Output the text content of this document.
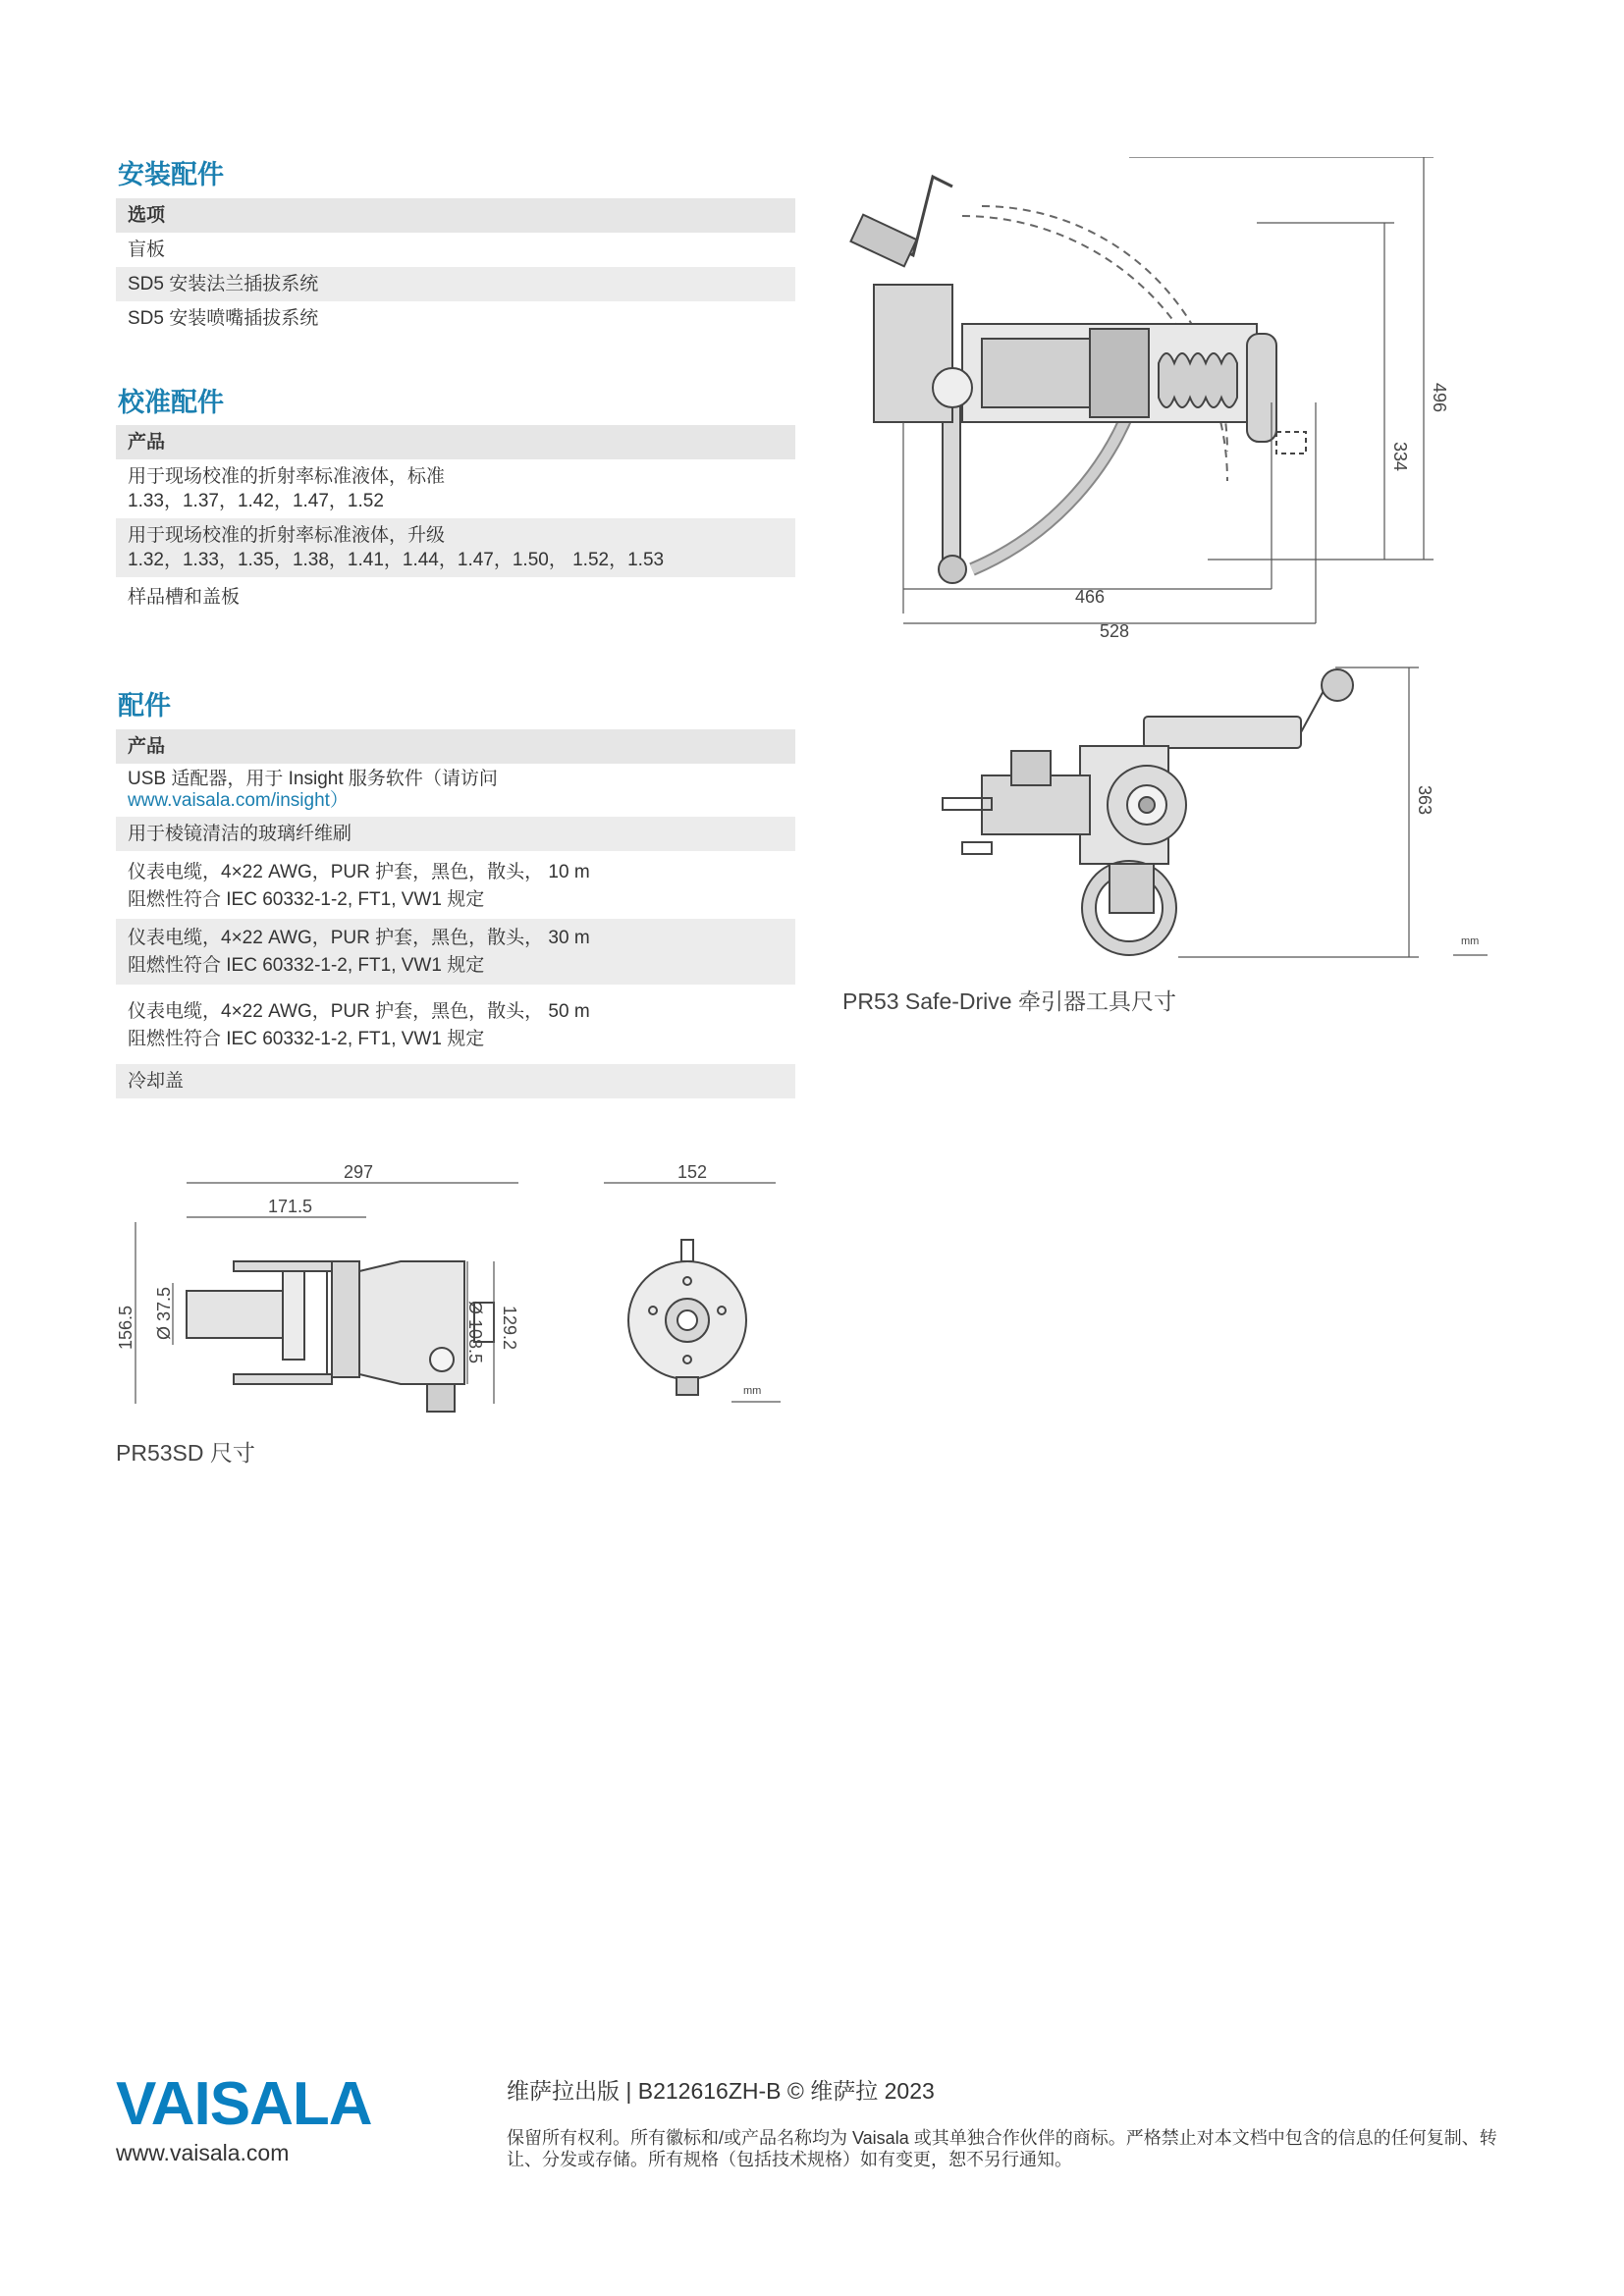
安装配件
选项
盲板
SD5 安装法兰插拔系统
SD5 安装喷嘴插拔系统
校准配件
产品
用于现场校准的折射率标准液体，标准
1.33，1.37，1.42，1.47，1.52
用于现场校准的折射率标准液体，升级
1.32，1.33，1.35，1.38，1.41，1.44，1.47，1.50， 1.52，1.53
样品槽和盖板
配件
产品
USB 适配器，用于 Insight 服务软件（请访问
www.vaisala.com/insight）
用于棱镜清洁的玻璃纤维刷
仪表电缆，4×22 AWG，PUR 护套，黑色，散头， 10 m
阻燃性符合 IEC 60332-1-2, FT1, VW1 规定
仪表电缆，4×22 AWG，PUR 护套，黑色，散头， 30 m
阻燃性符合 IEC 60332-1-2, FT1, VW1 规定
仪表电缆，4×22 AWG，PUR 护套，黑色，散头， 50 m
阻燃性符合 IEC 60332-1-2, FT1, VW1 规定
冷却盖
496
334
466
528
363
mm
PR53 Safe-Drive 牵引器工具尺寸
297
171.5
156.5 Ø 37.5	Ø 108.5 129.2
152
mm
PR53SD 尺寸
VAISALA
www.vaisala.com
维萨拉出版 | B212616ZH-B © 维萨拉 2023
保留所有权利。所有徽标和/或产品名称均为 Vaisala 或其单独合作伙伴的商标。严格禁止对本文档中包含的信息的任何复制、转让、分发或存储。所有规格（包括技术规格）如有变更，恕不另行通知。
